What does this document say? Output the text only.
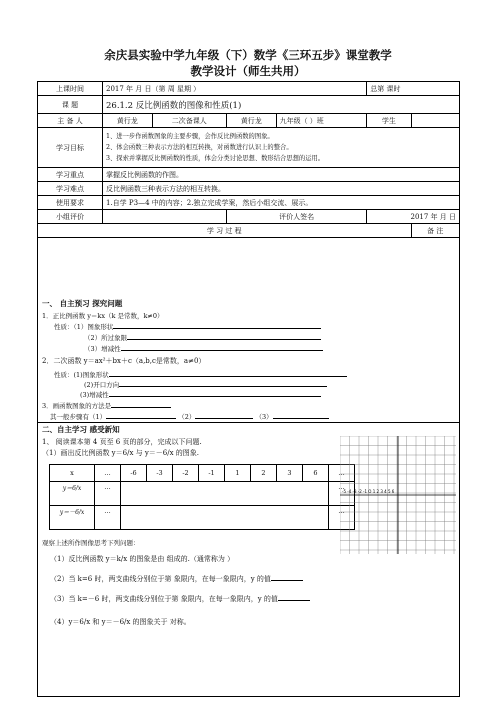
余庆县实验中学九年级（下）数学《三环五步》课堂教学
教学设计（师生共用）
上课时间	2017 年 月 日（第 周 星期 ）				总第 课时	
课 题	26.1.2 反比例函数的图像和性质(1)					
主 备 人	黄行龙	二次备课人	黄行龙	九年级（ ）班	学生	
学习目标	1、进一步作函数图象的主要步骤，会作反比例函数的图象。
2、体会函数三种表示方法的相互转换，对函数进行认识上的整合。
3、探索并掌握反比例函数的性质，体会分类讨论思想、数形结合思想的运用。					

学习重点	掌握反比例函数的作图。					
学习难点	反比例函数三种表示方法的相互转换。					
使用要求	1.自学 P3—4 中的内容；2.独立完成学案，然后小组交流、展示。					
小组评价			评价人签名		2017 年 月 日	
学 习 过 程						备 注
一、 自主预习 探究问题
1．正比例函数 y＝kx（k 是常数，k≠0）
性质：（1）图象形状
（2）所过象限
（3）增减性
2．二次函数 y＝ax²＋bx＋c（a,b,c是常数，a≠0）
性质：(1)图象形状
(2)开口方向
(3)增减性
3．画函数图象的方法是
其一般步骤有（1）	（2）	（3）
二、自主学习 感受新知
1、 阅读课本第 4 页至 6 页的部分，完成以下问题.
（1）画出反比例函数 y＝6/x 与 y＝－6/x 的图象.
x	…	-6	-3	-2	-1	1	2	3	6	…
y＝6/x	…									…
y＝－6/x	…									…
-5 -4 -3 -2 -1 O 1 2 3 4 5 6
观察上述所作图像思考下列问题：
（1）反比例函数 y＝k/x 的图象是由 组成的.（通常称为 ）
（2）当 k=6 时，两支曲线分别位于第 象限内，在每一象限内，y 的值
（3）当 k=－6 时，两支曲线分别位于第 象限内，在每一象限内，y 的值
（4）y＝6/x 和 y＝－6/x 的图象关于 对称。
